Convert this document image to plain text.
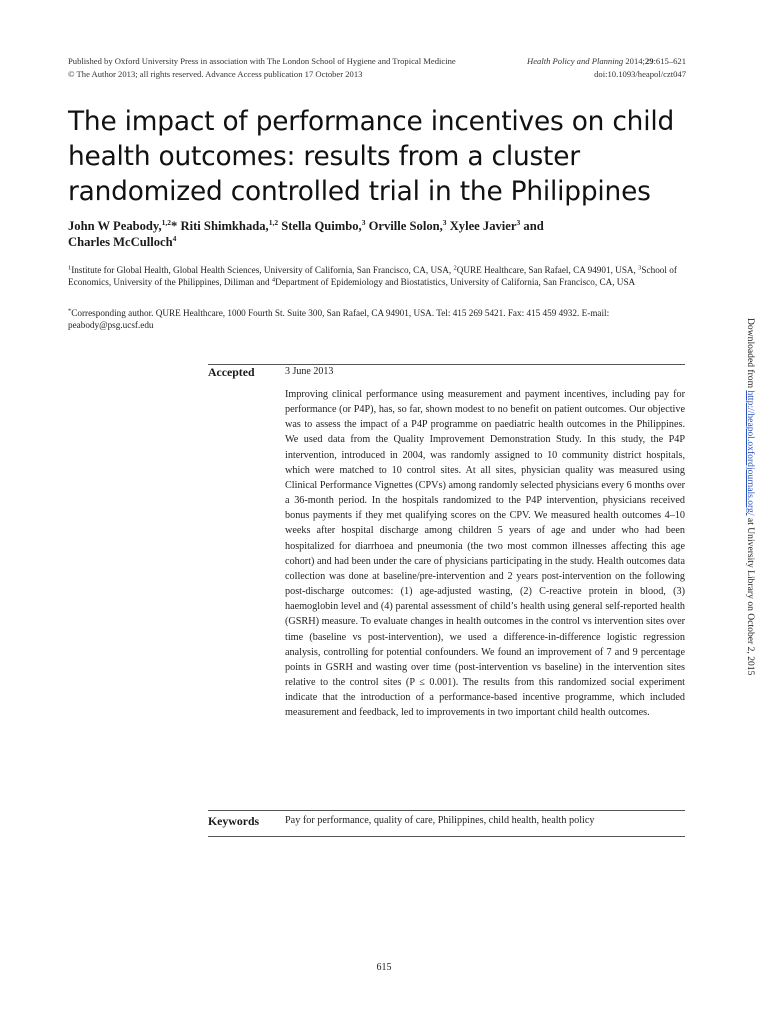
Published by Oxford University Press in association with The London School of Hygiene and Tropical Medicine
© The Author 2013; all rights reserved. Advance Access publication 17 October 2013
Health Policy and Planning 2014;29:615–621
doi:10.1093/heapol/czt047
The impact of performance incentives on child health outcomes: results from a cluster randomized controlled trial in the Philippines
John W Peabody,$^{1,2}$* Riti Shimkhada,$^{1,2}$ Stella Quimbo,$^3$ Orville Solon,$^3$ Xylee Javier$^3$ and
Charles McCulloch$^4$
$^1$Institute for Global Health, Global Health Sciences, University of California, San Francisco, CA, USA, $^2$QURE Healthcare, San Rafael, CA 94901, USA, $^3$School of Economics, University of the Philippines, Diliman and $^4$Department of Epidemiology and Biostatistics, University of California, San Francisco, CA, USA
*Corresponding author. QURE Healthcare, 1000 Fourth St. Suite 300, San Rafael, CA 94901, USA. Tel: 415 269 5421. Fax: 415 459 4932. E-mail: peabody@psg.ucsf.edu
Accepted	3 June 2013

Improving clinical performance using measurement and payment incentives, including pay for performance (or P4P), has, so far, shown modest to no benefit on patient outcomes. Our objective was to assess the impact of a P4P programme on paediatric health outcomes in the Philippines. We used data from the Quality Improvement Demonstration Study. In this study, the P4P intervention, introduced in 2004, was randomly assigned to 10 community district hospitals, which were matched to 10 control sites. At all sites, physician quality was measured using Clinical Performance Vignettes (CPVs) among randomly selected physicians every 6 months over a 36-month period. In the hospitals randomized to the P4P intervention, physicians received bonus payments if they met qualifying scores on the CPV. We measured health outcomes 4–10 weeks after hospital discharge among children 5 years of age and under who had been hospitalized for diarrhoea and pneumonia (the two most common illnesses affecting this age cohort) and had been under the care of physicians participating in the study. Health outcomes data collection was done at baseline/pre-intervention and 2 years post-intervention on the following post-discharge outcomes: (1) age-adjusted wasting, (2) C-reactive protein in blood, (3) haemoglobin level and (4) parental assessment of child’s health using general self-reported health (GSRH) measure. To evaluate changes in health outcomes in the control vs intervention sites over time (baseline vs post-intervention), we used a difference-in-difference logistic regression analysis, controlling for potential confounders. We found an improvement of 7 and 9 percentage points in GSRH and wasting over time (post-intervention vs baseline) in the intervention sites relative to the control sites (P ≤ 0.001). The results from this randomized social experiment indicate that the introduction of a performance-based incentive programme, which included measurement and feedback, led to improvements in two important child health outcomes.

Keywords	Pay for performance, quality of care, Philippines, child health, health policy
615
Downloaded from http://heapol.oxfordjournals.org/ at University Library on October 2, 2015
